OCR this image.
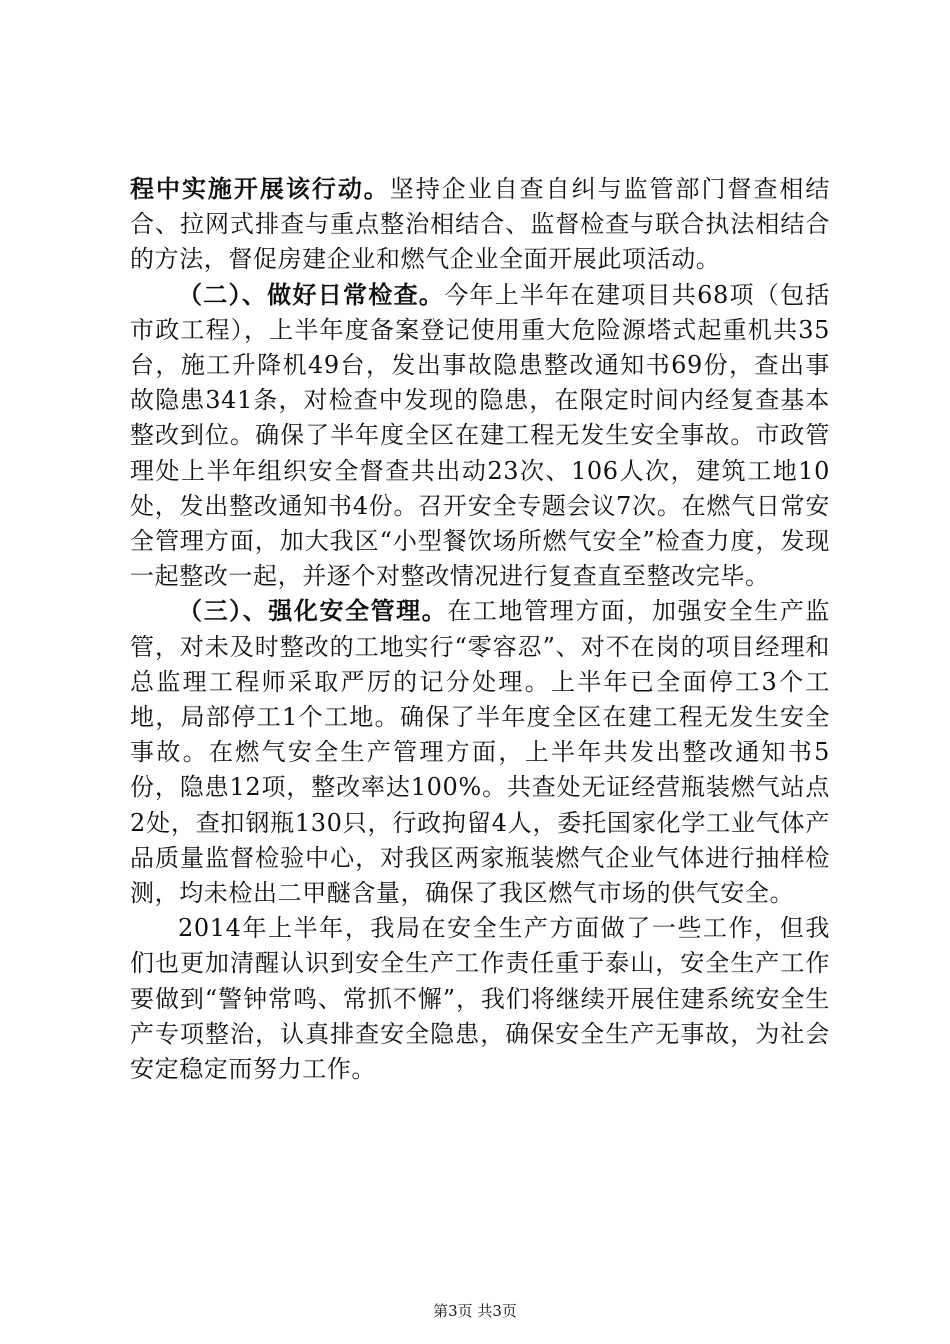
程中实施开展该行动。坚持企业自查自纠与监管部门督查相结合、拉网式排查与重点整治相结合、监督检查与联合执法相结合的方法，督促房建企业和燃气企业全面开展此项活动。

（二）、做好日常检查。今年上半年在建项目共68项（包括市政工程），上半年度备案登记使用重大危险源塔式起重机共35台，施工升降机49台，发出事故隐患整改通知书69份，查出事故隐患341条，对检查中发现的隐患，在限定时间内经复查基本整改到位。确保了半年度全区在建工程无发生安全事故。市政管理处上半年组织安全督查共出动23次、106人次，建筑工地10处，发出整改通知书4份。召开安全专题会议7次。在燃气日常安全管理方面，加大我区“小型餐饮场所燃气安全”检查力度，发现一起整改一起，并逐个对整改情况进行复查直至整改完毕。

（三）、强化安全管理。在工地管理方面，加强安全生产监管，对未及时整改的工地实行“零容忍”、对不在岗的项目经理和总监理工程师采取严厉的记分处理。上半年已全面停工3个工地，局部停工1个工地。确保了半年度全区在建工程无发生安全事故。在燃气安全生产管理方面，上半年共发出整改通知书5份，隐患12项，整改率达100%。共查处无证经营瓶装燃气站点2处，查扣钢瓶130只，行政拘留4人，委托国家化学工业气体产品质量监督检验中心，对我区两家瓶装燃气企业气体进行抽样检测，均未检出二甲醚含量，确保了我区燃气市场的供气安全。

2014年上半年，我局在安全生产方面做了一些工作，但我们也更加清醒认识到安全生产工作责任重于泰山，安全生产工作要做到“警钟常鸣、常抓不懈”，我们将继续开展住建系统安全生产专项整治，认真排查安全隐患，确保安全生产无事故，为社会安定稳定而努力工作。

第3页 共3页
